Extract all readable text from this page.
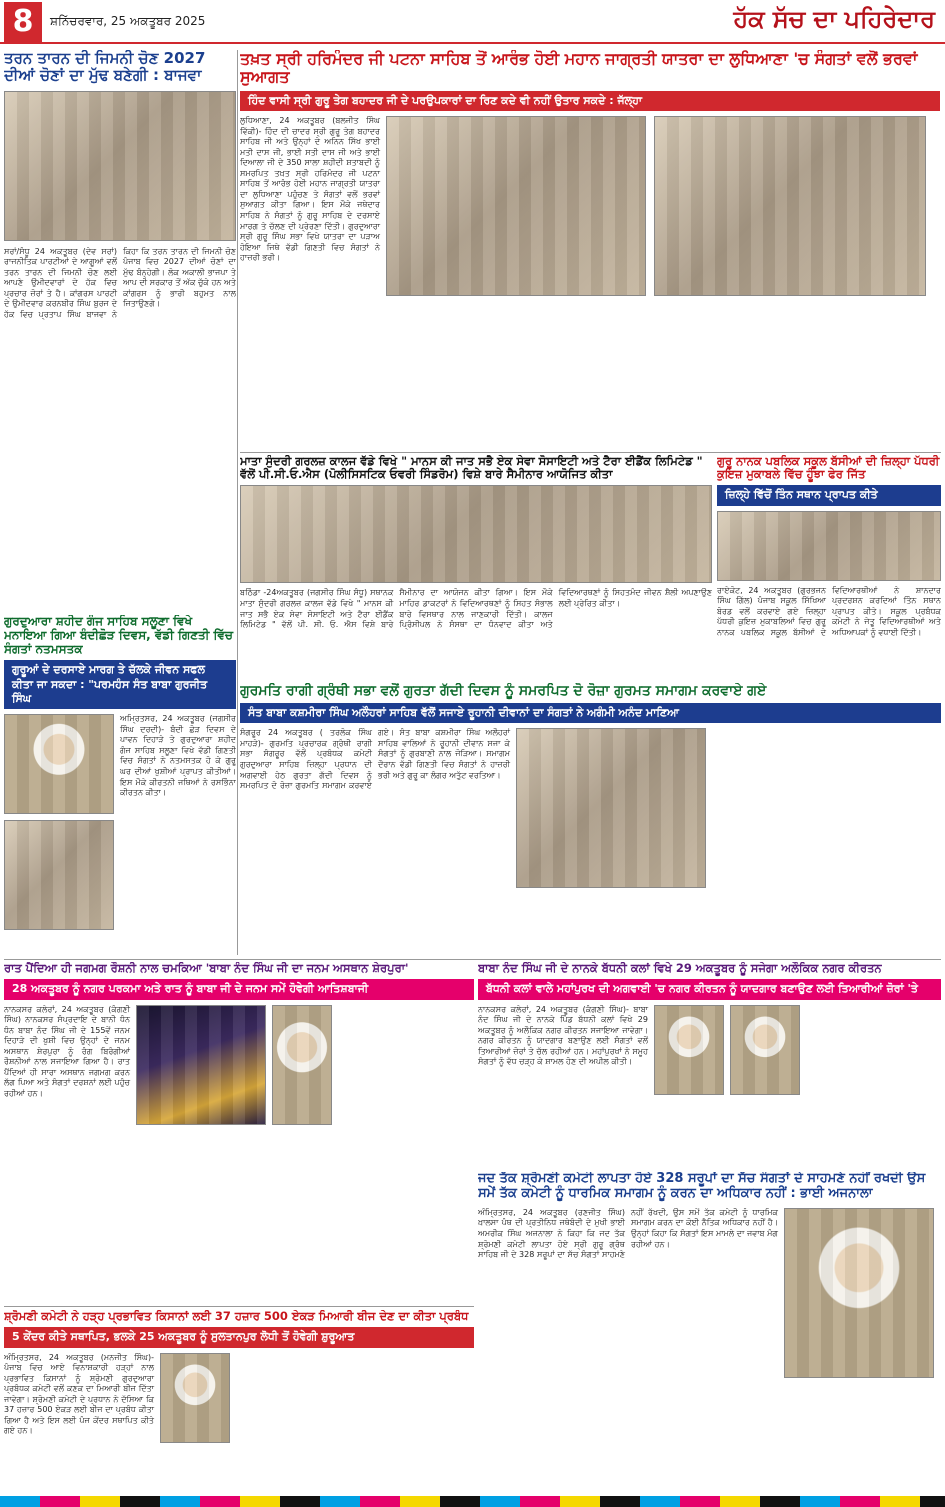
8	ਸ਼ਨਿੱਚਰਵਾਰ, 25 ਅਕਤੂਬਰ 2025	ਹੱਕ ਸੱਚ ਦਾ ਪਹਿਰੇਦਾਰ
ਤਰਨ ਤਾਰਨ ਦੀ ਜਿਮਨੀ ਚੋਣ 2027 ਦੀਆਂ ਚੋਣਾਂ ਦਾ ਮੁੱਢ ਬਣੇਗੀ : ਬਾਜਵਾ
ਸਰਾਂ/ਸੰਧੂ 24 ਅਕਤੂਬਰ (ਦੇਵ ਸਰਾਂ) ਰਾਜਨੀਤਿਕ ਪਾਰਟੀਆਂ ਦੇ ਆਗੂਆਂ ਵਲੋਂ ਤਰਨ ਤਾਰਨ ਦੀ ਜਿਮਨੀ ਚੋਣ ਲਈ ਆਪਣੇ ਉਮੀਦਵਾਰਾਂ ਦੇ ਹੱਕ ਵਿਚ ਪ੍ਰਚਾਰ ਜ਼ੋਰਾਂ ਤੇ ਹੈ। ਕਾਂਗਰਸ ਪਾਰਟੀ ਦੇ ਉਮੀਦਵਾਰ ਕਰਨਬੀਰ ਸਿੰਘ ਬੁਰਜ ਦੇ ਹੱਕ ਵਿਚ ਪ੍ਰਤਾਪ ਸਿੰਘ ਬਾਜਵਾ ਨੇ ਕਿਹਾ ਕਿ ਤਰਨ ਤਾਰਨ ਦੀ ਜਿਮਨੀ ਚੋਣ ਪੰਜਾਬ ਵਿਚ 2027 ਦੀਆਂ ਚੋਣਾਂ ਦਾ ਮੁੱਢ ਬੰਨ੍ਹੇਗੀ। ਲੋਕ ਅਕਾਲੀ ਭਾਜਪਾ ਤੇ ਆਪ ਦੀ ਸਰਕਾਰ ਤੋਂ ਅੱਕ ਚੁੱਕੇ ਹਨ ਅਤੇ ਕਾਂਗਰਸ ਨੂੰ ਭਾਰੀ ਬਹੁਮਤ ਨਾਲ ਜਿਤਾਉਣਗੇ।
ਤਖ਼ਤ ਸ੍ਰੀ ਹਰਿਮੰਦਰ ਜੀ ਪਟਨਾ ਸਾਹਿਬ ਤੋਂ ਆਰੰਭ ਹੋਈ ਮਹਾਨ ਜਾਗ੍ਰਤੀ ਯਾਤਰਾ ਦਾ ਲੁਧਿਆਣਾ 'ਚ ਸੰਗਤਾਂ ਵਲੋਂ ਭਰਵਾਂ ਸੁਆਗਤ
ਹਿੰਦ ਵਾਸੀ ਸ੍ਰੀ ਗੁਰੂ ਤੇਗ ਬਹਾਦਰ ਜੀ ਦੇ ਪਰਉਪਕਾਰਾਂ ਦਾ ਰਿਣ ਕਦੇ ਵੀ ਨਹੀਂ ਉਤਾਰ ਸਕਦੇ : ਜੱਲ੍ਹਾ
ਲੁਧਿਆਣਾ, 24 ਅਕਤੂਬਰ (ਬਲਜੀਤ ਸਿੰਘ ਵਿੱਕੀ)- ਹਿੰਦ ਦੀ ਚਾਦਰ ਸ੍ਰੀ ਗੁਰੂ ਤੇਗ ਬਹਾਦਰ ਸਾਹਿਬ ਜੀ ਅਤੇ ਉਨ੍ਹਾਂ ਦੇ ਅਨਿਨ ਸਿੱਖ ਭਾਈ ਮਤੀ ਦਾਸ ਜੀ, ਭਾਈ ਸਤੀ ਦਾਸ ਜੀ ਅਤੇ ਭਾਈ ਦਿਆਲਾ ਜੀ ਦੇ 350 ਸਾਲਾ ਸ਼ਹੀਦੀ ਸ਼ਤਾਬਦੀ ਨੂੰ ਸਮਰਪਿਤ ਤਖ਼ਤ ਸ੍ਰੀ ਹਰਿਮੰਦਰ ਜੀ ਪਟਨਾ ਸਾਹਿਬ ਤੋਂ ਆਰੰਭ ਹੋਈ ਮਹਾਨ ਜਾਗ੍ਰਤੀ ਯਾਤਰਾ ਦਾ ਲੁਧਿਆਣਾ ਪਹੁੰਚਣ ਤੇ ਸੰਗਤਾਂ ਵਲੋਂ ਭਰਵਾਂ ਸੁਆਗਤ ਕੀਤਾ ਗਿਆ। ਇਸ ਮੌਕੇ ਜਥੇਦਾਰ ਸਾਹਿਬ ਨੇ ਸੰਗਤਾਂ ਨੂੰ ਗੁਰੂ ਸਾਹਿਬ ਦੇ ਦਰਸਾਏ ਮਾਰਗ ਤੇ ਚੱਲਣ ਦੀ ਪ੍ਰੇਰਣਾ ਦਿੱਤੀ। ਗੁਰਦੁਆਰਾ ਸ੍ਰੀ ਗੁਰੂ ਸਿੰਘ ਸਭਾ ਵਿਖੇ ਯਾਤਰਾ ਦਾ ਪੜਾਅ ਹੋਇਆ ਜਿਥੇ ਵੱਡੀ ਗਿਣਤੀ ਵਿਚ ਸੰਗਤਾਂ ਨੇ ਹਾਜ਼ਰੀ ਭਰੀ।
ਮਾਤਾ ਸੁੰਦਰੀ ਗਰਲਜ਼ ਕਾਲਜ ਵੱਡੇ ਵਿਖੇ " ਮਾਨਸ ਕੀ ਜਾਤ ਸਭੈ ਏਕ ਸੇਵਾ ਸੋਸਾਇਟੀ ਅਤੇ ਟੈਰਾ ਈਡੈਂਕ ਲਿਮਿਟੇਡ " ਵੱਲੋਂ ਪੀ.ਸੀ.ਓ.ਐਸ (ਪੋਲੀਸਿਸਟਿਕ ਓਵਰੀ ਸਿੰਡਰੋਮ) ਵਿਸ਼ੇ ਬਾਰੇ ਸੈਮੀਨਾਰ ਆਯੋਜਿਤ ਕੀਤਾ
ਬਠਿੰਡਾ -24ਅਕਤੂਬਰ (ਜਗਸੀਰ ਸਿੰਘ ਸੰਧੂ) ਸਥਾਨਕ ਮਾਤਾ ਸੁੰਦਰੀ ਗਰਲਜ਼ ਕਾਲਜ ਵੱਡੇ ਵਿਖੇ " ਮਾਨਸ ਕੀ ਜਾਤ ਸਭੈ ਏਕ ਸੇਵਾ ਸੋਸਾਇਟੀ ਅਤੇ ਟੈਰਾ ਈਡੈਂਕ ਲਿਮਿਟੇਡ " ਵੱਲੋਂ ਪੀ. ਸੀ. ਓ. ਐਸ ਵਿਸ਼ੇ ਬਾਰੇ ਸੈਮੀਨਾਰ ਦਾ ਆਯੋਜਨ ਕੀਤਾ ਗਿਆ। ਇਸ ਮੌਕੇ ਮਾਹਿਰ ਡਾਕਟਰਾਂ ਨੇ ਵਿਦਿਆਰਥਣਾਂ ਨੂੰ ਸਿਹਤ ਸੰਭਾਲ ਬਾਰੇ ਵਿਸਥਾਰ ਨਾਲ ਜਾਣਕਾਰੀ ਦਿੱਤੀ। ਕਾਲਜ ਪ੍ਰਿੰਸੀਪਲ ਨੇ ਸੰਸਥਾ ਦਾ ਧੰਨਵਾਦ ਕੀਤਾ ਅਤੇ ਵਿਦਿਆਰਥਣਾਂ ਨੂੰ ਸਿਹਤਮੰਦ ਜੀਵਨ ਸ਼ੈਲੀ ਅਪਣਾਉਣ ਲਈ ਪ੍ਰੇਰਿਤ ਕੀਤਾ।
ਗੁਰੂ ਨਾਨਕ ਪਬਲਿਕ ਸਕੂਲ ਬੱਸੀਆਂ ਦੀ ਜ਼ਿਲ੍ਹਾ ਪੱਧਰੀ ਕੁਇਜ਼ ਮੁਕਾਬਲੇ ਵਿੱਚ ਹੂੰਝਾ ਫੇਰ ਜਿੱਤ
ਜ਼ਿਲ੍ਹੇ ਵਿੱਚੋਂ ਤਿੰਨ ਸਥਾਨ ਪ੍ਰਾਪਤ ਕੀਤੇ
ਰਾਏਕੋਟ, 24 ਅਕਤੂਬਰ (ਗੁਰਭਜਨ ਸਿੰਘ ਗਿੱਲ) ਪੰਜਾਬ ਸਕੂਲ ਸਿੱਖਿਆ ਬੋਰਡ ਵਲੋਂ ਕਰਵਾਏ ਗਏ ਜ਼ਿਲ੍ਹਾ ਪੱਧਰੀ ਕੁਇਜ਼ ਮੁਕਾਬਲਿਆਂ ਵਿਚ ਗੁਰੂ ਨਾਨਕ ਪਬਲਿਕ ਸਕੂਲ ਬੱਸੀਆਂ ਦੇ ਵਿਦਿਆਰਥੀਆਂ ਨੇ ਸ਼ਾਨਦਾਰ ਪ੍ਰਦਰਸ਼ਨ ਕਰਦਿਆਂ ਤਿੰਨ ਸਥਾਨ ਪ੍ਰਾਪਤ ਕੀਤੇ। ਸਕੂਲ ਪ੍ਰਬੰਧਕ ਕਮੇਟੀ ਨੇ ਜੇਤੂ ਵਿਦਿਆਰਥੀਆਂ ਅਤੇ ਅਧਿਆਪਕਾਂ ਨੂੰ ਵਧਾਈ ਦਿੱਤੀ।
ਗੁਰਦੁਆਰਾ ਸ਼ਹੀਦ ਗੰਜ ਸਾਹਿਬ ਸਲੂਣਾ ਵਿਖੇ ਮਨਾਇਆ ਗਿਆ ਬੰਦੀਛੋੜ ਦਿਵਸ, ਵੱਡੀ ਗਿਣਤੀ ਵਿੱਚ ਸੰਗਤਾਂ ਨਤਮਸਤਕ
ਗੁਰੂਆਂ ਦੇ ਦਰਸਾਏ ਮਾਰਗ ਤੇ ਚੱਲਕੇ ਜੀਵਨ ਸਫਲ ਕੀਤਾ ਜਾ ਸਕਦਾ : "ਪਰਮਹੰਸ ਸੰਤ ਬਾਬਾ ਗੁਰਜੀਤ ਸਿੰਘ
ਅਮ੍ਰਿਤਸਰ, 24 ਅਕਤੂਬਰ (ਜਗਸੀਰ ਸਿੰਘ ਦਰਦੀ)- ਬੰਦੀ ਛੋੜ ਦਿਵਸ ਦੇ ਪਾਵਨ ਦਿਹਾੜੇ ਤੇ ਗੁਰਦੁਆਰਾ ਸ਼ਹੀਦ ਗੰਜ ਸਾਹਿਬ ਸਲੂਣਾ ਵਿਖੇ ਵੱਡੀ ਗਿਣਤੀ ਵਿਚ ਸੰਗਤਾਂ ਨੇ ਨਤਮਸਤਕ ਹੋ ਕੇ ਗੁਰੂ ਘਰ ਦੀਆਂ ਖੁਸ਼ੀਆਂ ਪ੍ਰਾਪਤ ਕੀਤੀਆਂ। ਇਸ ਮੌਕੇ ਕੀਰਤਨੀ ਜਥਿਆਂ ਨੇ ਰਸਭਿੰਨਾ ਕੀਰਤਨ ਕੀਤਾ।
ਗੁਰਮਤਿ ਰਾਗੀ ਗ੍ਰੰਥੀ ਸਭਾ ਵਲੋਂ ਗੁਰਤਾ ਗੱਦੀ ਦਿਵਸ ਨੂੰ ਸਮਰਪਿਤ ਦੋ ਰੋਜ਼ਾ ਗੁਰਮਤ ਸਮਾਗਮ ਕਰਵਾਏ ਗਏ
ਸੰਤ ਬਾਬਾ ਕਸ਼ਮੀਰਾ ਸਿੰਘ ਅਲੌਹਰਾਂ ਸਾਹਿਬ ਵੱਲੋਂ ਸਜਾਏ ਰੂਹਾਨੀ ਦੀਵਾਨਾਂ ਦਾ ਸੰਗਤਾਂ ਨੇ ਅਗੰਮੀ ਅਨੰਦ ਮਾਣਿਆ
ਸੰਗਰੂਰ 24 ਅਕਤੂਬਰ ( ਤਰਲੋਕ ਸਿੰਘ ਮਾਹੜੇ)- ਗੁਰਮਤਿ ਪ੍ਰਚਾਰਕ ਗ੍ਰੰਥੀ ਰਾਗੀ ਸਭਾ ਸੰਗਰੂਰ ਵੱਲੋਂ ਪ੍ਰਬੰਧਕ ਕਮੇਟੀ ਗੁਰਦੁਆਰਾ ਸਾਹਿਬ ਜ਼ਿਲ੍ਹਾ ਪ੍ਰਧਾਨ ਦੀ ਅਗਵਾਈ ਹੇਠ ਗੁਰਤਾ ਗੱਦੀ ਦਿਵਸ ਨੂੰ ਸਮਰਪਿਤ ਦੋ ਰੋਜ਼ਾ ਗੁਰਮਤਿ ਸਮਾਗਮ ਕਰਵਾਏ ਗਏ। ਸੰਤ ਬਾਬਾ ਕਸ਼ਮੀਰਾ ਸਿੰਘ ਅਲੌਹਰਾਂ ਸਾਹਿਬ ਵਾਲਿਆਂ ਨੇ ਰੂਹਾਨੀ ਦੀਵਾਨ ਸਜਾ ਕੇ ਸੰਗਤਾਂ ਨੂੰ ਗੁਰਬਾਣੀ ਨਾਲ ਜੋੜਿਆ। ਸਮਾਗਮ ਦੌਰਾਨ ਵੱਡੀ ਗਿਣਤੀ ਵਿਚ ਸੰਗਤਾਂ ਨੇ ਹਾਜ਼ਰੀ ਭਰੀ ਅਤੇ ਗੁਰੂ ਕਾ ਲੰਗਰ ਅਤੁੱਟ ਵਰਤਿਆ।
ਰਾਤ ਪੈਂਦਿਆ ਹੀ ਜਗਮਗ ਰੌਸ਼ਨੀ ਨਾਲ ਚਮਕਿਆ 'ਬਾਬਾ ਨੰਦ ਸਿੰਘ ਜੀ ਦਾ ਜਨਮ ਅਸਥਾਨ ਸ਼ੇਰਪੁਰਾ'
28 ਅਕਤੂਬਰ ਨੂੰ ਨਗਰ ਪਰਕਮਾ ਅਤੇ ਰਾਤ ਨੂੰ ਬਾਬਾ ਜੀ ਦੇ ਜਨਮ ਸਮੇਂ ਹੋਵੇਗੀ ਆਤਿਸ਼ਬਾਜੀ
ਨਾਨਕਸਰ ਕਲੇਰਾਂ, 24 ਅਕਤੂਬਰ (ਕੰਗਣੀ ਸਿੰਘ) ਨਾਨਕਸਰ ਸੰਪ੍ਰਦਾਇ ਦੇ ਬਾਨੀ ਧੰਨ ਧੰਨ ਬਾਬਾ ਨੰਦ ਸਿੰਘ ਜੀ ਦੇ 155ਵੇਂ ਜਨਮ ਦਿਹਾੜੇ ਦੀ ਖੁਸ਼ੀ ਵਿਚ ਉਨ੍ਹਾਂ ਦੇ ਜਨਮ ਅਸਥਾਨ ਸ਼ੇਰਪੁਰਾ ਨੂੰ ਰੰਗ ਬਿਰੰਗੀਆਂ ਰੌਸ਼ਨੀਆਂ ਨਾਲ ਸਜਾਇਆ ਗਿਆ ਹੈ। ਰਾਤ ਪੈਂਦਿਆਂ ਹੀ ਸਾਰਾ ਅਸਥਾਨ ਜਗਮਗ ਕਰਨ ਲੱਗ ਪਿਆ ਅਤੇ ਸੰਗਤਾਂ ਦਰਸ਼ਨਾਂ ਲਈ ਪਹੁੰਚ ਰਹੀਆਂ ਹਨ।
ਬਾਬਾ ਨੰਦ ਸਿੰਘ ਜੀ ਦੇ ਨਾਨਕੇ ਬੱਧਨੀ ਕਲਾਂ ਵਿਖੇ 29 ਅਕਤੂਬਰ ਨੂੰ ਸਜੇਗਾ ਅਲੌਕਿਕ ਨਗਰ ਕੀਰਤਨ
ਬੱਧਨੀ ਕਲਾਂ ਵਾਲੇ ਮਹਾਂਪੁਰਖ ਦੀ ਅਗਵਾਈ 'ਚ ਨਗਰ ਕੀਰਤਨ ਨੂੰ ਯਾਦਗਾਰ ਬਣਾਉਣ ਲਈ ਤਿਆਰੀਆਂ ਜ਼ੋਰਾਂ 'ਤੇ
ਨਾਨਕਸਰ ਕਲੇਰਾਂ, 24 ਅਕਤੂਬਰ (ਕੰਗਣੀ ਸਿੰਘ)- ਬਾਬਾ ਨੰਦ ਸਿੰਘ ਜੀ ਦੇ ਨਾਨਕੇ ਪਿੰਡ ਬੱਧਨੀ ਕਲਾਂ ਵਿਖੇ 29 ਅਕਤੂਬਰ ਨੂੰ ਅਲੌਕਿਕ ਨਗਰ ਕੀਰਤਨ ਸਜਾਇਆ ਜਾਵੇਗਾ। ਨਗਰ ਕੀਰਤਨ ਨੂੰ ਯਾਦਗਾਰ ਬਣਾਉਣ ਲਈ ਸੰਗਤਾਂ ਵਲੋਂ ਤਿਆਰੀਆਂ ਜ਼ੋਰਾਂ ਤੇ ਚੱਲ ਰਹੀਆਂ ਹਨ। ਮਹਾਂਪੁਰਖਾਂ ਨੇ ਸਮੂਹ ਸੰਗਤਾਂ ਨੂੰ ਵੱਧ ਚੜ੍ਹ ਕੇ ਸ਼ਾਮਲ ਹੋਣ ਦੀ ਅਪੀਲ ਕੀਤੀ।
ਜਦ ਤੱਕ ਸ਼੍ਰੋਮਣੀ ਕਮੇਟੀ ਲਾਪਤਾ ਹੋਏ 328 ਸਰੂਪਾਂ ਦਾ ਸੱਚ ਸੰਗਤਾਂ ਦੇ ਸਾਹਮਣੇ ਨਹੀਂ ਰਖਦੀ ਉਸ ਸਮੇਂ ਤੱਕ ਕਮੇਟੀ ਨੂੰ ਧਾਰਮਿਕ ਸਮਾਗਮ ਨੂੰ ਕਰਨ ਦਾ ਅਧਿਕਾਰ ਨਹੀਂ : ਭਾਈ ਅਜਨਾਲਾ
ਅੰਮ੍ਰਿਤਸਰ, 24 ਅਕਤੂਬਰ (ਰਣਜੀਤ ਸਿੰਘ) ਖ਼ਾਲਸਾ ਪੰਥ ਦੀ ਪ੍ਰਤੀਨਿਧ ਜਥੇਬੰਦੀ ਦੇ ਮੁਖੀ ਭਾਈ ਅਮਰੀਕ ਸਿੰਘ ਅਜਨਾਲਾ ਨੇ ਕਿਹਾ ਕਿ ਜਦ ਤੱਕ ਸ਼੍ਰੋਮਣੀ ਕਮੇਟੀ ਲਾਪਤਾ ਹੋਏ ਸ੍ਰੀ ਗੁਰੂ ਗ੍ਰੰਥ ਸਾਹਿਬ ਜੀ ਦੇ 328 ਸਰੂਪਾਂ ਦਾ ਸੱਚ ਸੰਗਤਾਂ ਸਾਹਮਣੇ ਨਹੀਂ ਰੱਖਦੀ, ਉਸ ਸਮੇਂ ਤੱਕ ਕਮੇਟੀ ਨੂੰ ਧਾਰਮਿਕ ਸਮਾਗਮ ਕਰਨ ਦਾ ਕੋਈ ਨੈਤਿਕ ਅਧਿਕਾਰ ਨਹੀਂ ਹੈ। ਉਨ੍ਹਾਂ ਕਿਹਾ ਕਿ ਸੰਗਤਾਂ ਇਸ ਮਾਮਲੇ ਦਾ ਜਵਾਬ ਮੰਗ ਰਹੀਆਂ ਹਨ।
ਸ਼੍ਰੋਮਣੀ ਕਮੇਟੀ ਨੇ ਹੜ੍ਹ ਪ੍ਰਭਾਵਿਤ ਕਿਸਾਨਾਂ ਲਈ 37 ਹਜ਼ਾਰ 500 ਏਕੜ ਮਿਆਰੀ ਬੀਜ ਦੇਣ ਦਾ ਕੀਤਾ ਪ੍ਰਬੰਧ
5 ਕੇਂਦਰ ਕੀਤੇ ਸਥਾਪਿਤ, ਭਲਕੇ 25 ਅਕਤੂਬਰ ਨੂੰ ਸੁਲਤਾਨਪੁਰ ਲੋਧੀ ਤੋਂ ਹੋਵੇਗੀ ਸ਼ੁਰੂਆਤ
ਅੰਮ੍ਰਿਤਸਰ, 24 ਅਕਤੂਬਰ (ਮਨਜੀਤ ਸਿੰਘ)- ਪੰਜਾਬ ਵਿਚ ਆਏ ਵਿਨਾਸ਼ਕਾਰੀ ਹੜ੍ਹਾਂ ਨਾਲ ਪ੍ਰਭਾਵਿਤ ਕਿਸਾਨਾਂ ਨੂੰ ਸ਼੍ਰੋਮਣੀ ਗੁਰਦੁਆਰਾ ਪ੍ਰਬੰਧਕ ਕਮੇਟੀ ਵਲੋਂ ਕਣਕ ਦਾ ਮਿਆਰੀ ਬੀਜ ਦਿੱਤਾ ਜਾਵੇਗਾ। ਸ਼੍ਰੋਮਣੀ ਕਮੇਟੀ ਦੇ ਪ੍ਰਧਾਨ ਨੇ ਦੱਸਿਆ ਕਿ 37 ਹਜ਼ਾਰ 500 ਏਕੜ ਲਈ ਬੀਜ ਦਾ ਪ੍ਰਬੰਧ ਕੀਤਾ ਗਿਆ ਹੈ ਅਤੇ ਇਸ ਲਈ ਪੰਜ ਕੇਂਦਰ ਸਥਾਪਿਤ ਕੀਤੇ ਗਏ ਹਨ।
